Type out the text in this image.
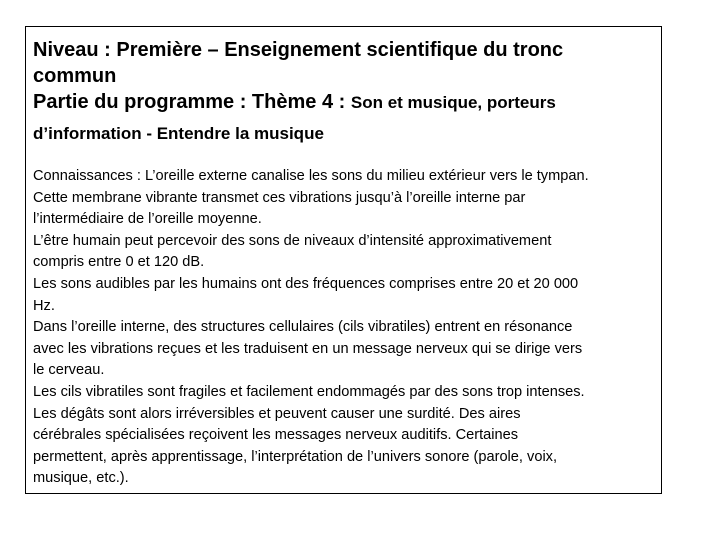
Niveau : Première – Enseignement scientifique du tronc
commun
Partie du programme : Thème 4 : Son et musique, porteurs
d’information - Entendre la musique
Connaissances : L’oreille externe canalise les sons du milieu extérieur vers le tympan.
Cette membrane vibrante transmet ces vibrations jusqu’à l’oreille interne par
l’intermédiaire de l’oreille moyenne.
L’être humain peut percevoir des sons de niveaux d’intensité approximativement
compris entre 0 et 120 dB.
Les sons audibles par les humains ont des fréquences comprises entre 20 et 20 000
Hz.
Dans l’oreille interne, des structures cellulaires (cils vibratiles) entrent en résonance
avec les vibrations reçues et les traduisent en un message nerveux qui se dirige vers
le cerveau.
Les cils vibratiles sont fragiles et facilement endommagés par des sons trop intenses.
Les dégâts sont alors irréversibles et peuvent causer une surdité. Des aires
cérébrales spécialisées reçoivent les messages nerveux auditifs. Certaines
permettent, après apprentissage, l’interprétation de l’univers sonore (parole, voix,
musique, etc.).
